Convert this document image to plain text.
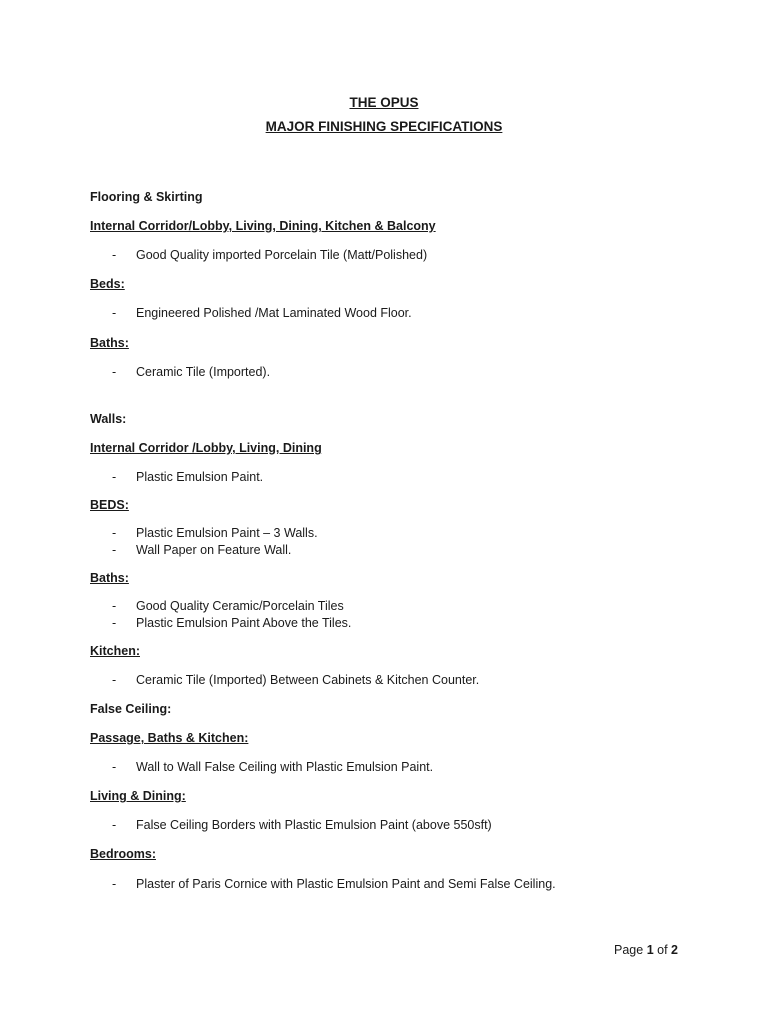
THE OPUS
MAJOR FINISHING SPECIFICATIONS
Flooring & Skirting
Internal Corridor/Lobby, Living, Dining, Kitchen & Balcony
- Good Quality imported Porcelain Tile (Matt/Polished)
Beds:
- Engineered Polished /Mat Laminated Wood Floor.
Baths:
- Ceramic Tile (Imported).
Walls:
Internal Corridor /Lobby, Living, Dining
- Plastic Emulsion Paint.
BEDS:
- Plastic Emulsion Paint – 3 Walls.
- Wall Paper on Feature Wall.
Baths:
- Good Quality Ceramic/Porcelain Tiles
- Plastic Emulsion Paint Above the Tiles.
Kitchen:
- Ceramic Tile (Imported) Between Cabinets & Kitchen Counter.
False Ceiling:
Passage, Baths & Kitchen:
- Wall to Wall False Ceiling with Plastic Emulsion Paint.
Living & Dining:
- False Ceiling Borders with Plastic Emulsion Paint (above 550sft)
Bedrooms:
- Plaster of Paris Cornice with Plastic Emulsion Paint and Semi False Ceiling.
Page 1 of 2
